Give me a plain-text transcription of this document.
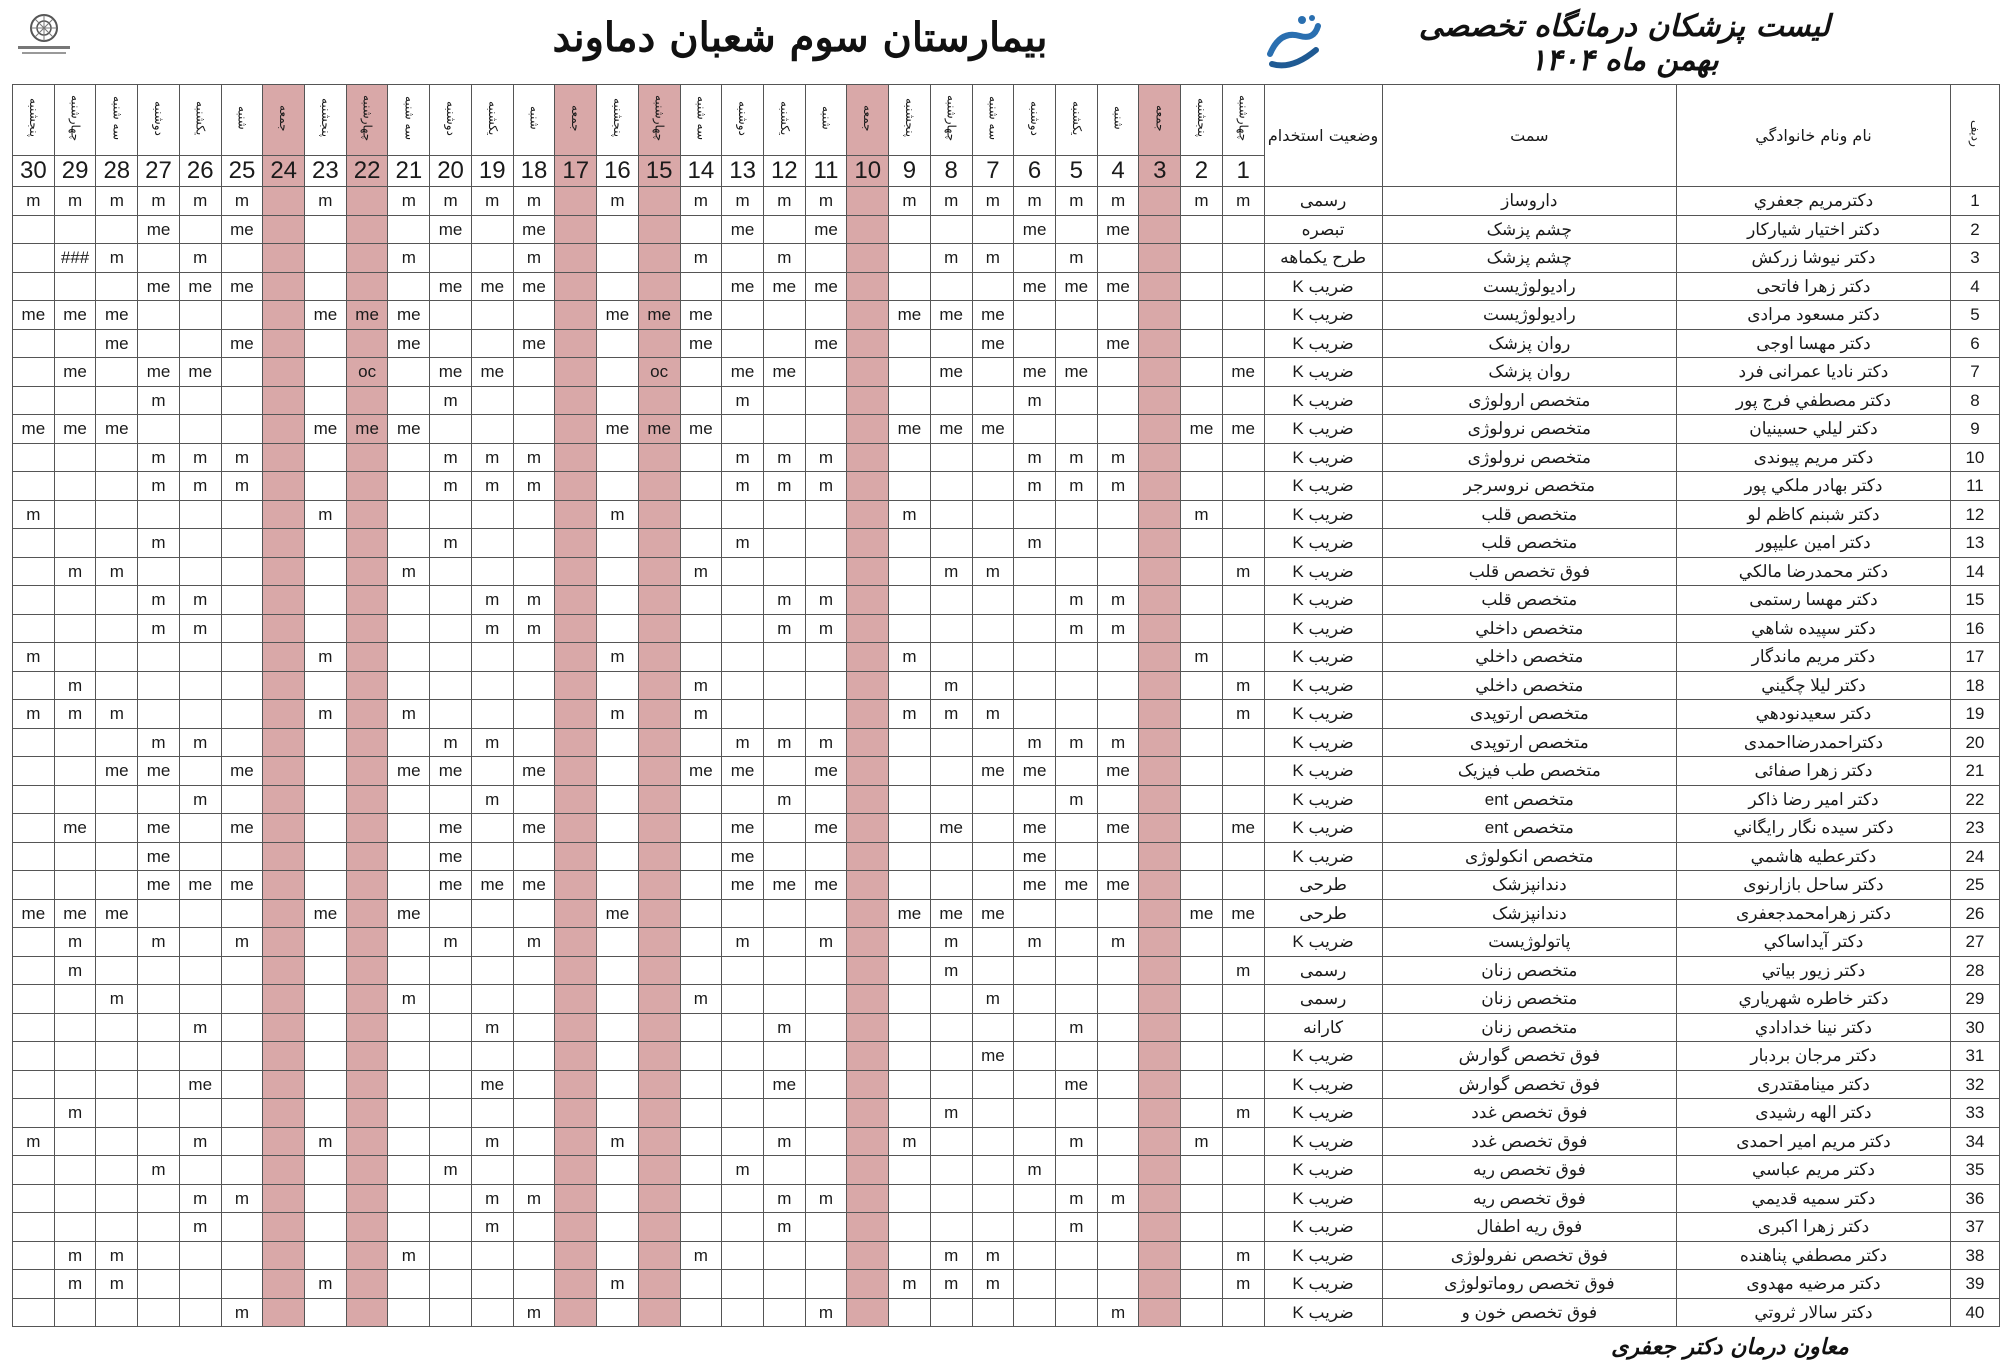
بیمارستان سوم شعبان دماوند	لیست پزشکان درمانگاه تخصصی
بهمن ماه ۱۴۰۴
پنجشنبه	چهارشنبه	سه شنبه	دوشنبه	یکشنبه	شنبه	جمعه	پنجشنبه	چهارشنبه	سه شنبه	دوشنبه	یکشنبه	شنبه	جمعه	پنجشنبه	چهارشنبه	سه شنبه	دوشنبه	یکشنبه	شنبه	جمعه	پنجشنبه	چهارشنبه	سه شنبه	دوشنبه	یکشنبه	شنبه	جمعه	پنجشنبه	چهارشنبه	وضعيت استخدام	سمت	نام ونام خانوادگي	ردیف
30	29	28	27	26	25	24	23	22	21	20	19	18	17	16	15	14	13	12	11	10	9	8	7	6	5	4	3	2	1				
m	m	m	m	m	m		m		m	m	m	m		m		m	m	m	m		m	m	m	m	m	m		m	m	رسمی	داروساز	دکترمريم جعفري	1
			me		me					me		me					me		me					me		me				تبصره	چشم پزشک	دکتر اختیار شیارکار	2
	###	m		m					m			m				m		m				m	m		m					طرح یکماهه	چشم پزشک	دکتر نیوشا زرکش	3
			me	me	me					me	me	me					me	me	me					me	me	me				ضریب K	رادیولوژیست	دکتر زهرا فاتحی	4
me	me	me					me	me	me					me	me	me					me	me	me							ضریب K	رادیولوژیست	دکتر مسعود مرادی	5
		me			me				me			me				me			me				me			me				ضریب K	روان پزشک	دکتر مهسا اوجی	6
	me		me	me				oc		me	me				oc		me	me				me		me	me				me	ضریب K	روان پزشک	دکتر نادیا عمرانی فرد	7
			m							m							m							m						ضریب K	متخصص ارولوژی	دکتر مصطفي فرج پور	8
me	me	me					me	me	me					me	me	me					me	me	me					me	me	ضریب K	متخصص نرولوژی	دکتر ليلي حسينيان	9
			m	m	m					m	m	m					m	m	m					m	m	m				ضریب K	متخصص نرولوژی	دکتر مريم پيوندی	10
			m	m	m					m	m	m					m	m	m					m	m	m				ضریب K	متخصص نروسرجر	دکتر بهادر ملکي پور	11
m							m							m							m							m		ضریب K	متخصص قلب	دکتر شبنم کاظم لو	12
			m							m							m							m						ضریب K	متخصص قلب	دکتر امين عليپور	13
	m	m							m							m						m	m						m	ضریب K	فوق تخصص قلب	دکتر محمدرضا مالکي	14
			m	m							m	m						m	m						m	m				ضریب K	متخصص قلب	دکتر مهسا رستمی	15
			m	m							m	m						m	m						m	m				ضریب K	متخصص داخلي	دکتر سپيده شاهي	16
m							m							m							m							m		ضریب K	متخصص داخلي	دکتر مريم ماندگار	17
	m															m						m							m	ضریب K	متخصص داخلي	دکتر ليلا چگيني	18
m	m	m					m		m					m		m					m	m	m						m	ضریب K	متخصص ارتوپدی	دکتر سعيدنودهي	19
			m	m						m	m						m	m	m					m	m	m				ضریب K	متخصص ارتوپدی	دکتراحمدرضااحمدی	20
		me	me		me				me	me		me				me	me		me				me	me		me				ضریب K	متخصص طب فيزيک	دکتر زهرا صفائی	21
				m							m							m							m					ضریب K	متخصص ent	دکتر امير رضا ذاکر	22
	me		me		me					me		me					me		me			me		me		me			me	ضریب K	متخصص ent	دکتر سیده نگار رايگاني	23
			me							me							me							me						ضریب K	متخصص انکولوژی	دکترعطيه هاشمي	24
			me	me	me					me	me	me					me	me	me					me	me	me				طرحی	دندانپزشک	دکتر ساحل بازارنوی	25
me	me	me					me		me					me							me	me	me					me	me	طرحی	دندانپزشک	دکتر زهرامحمدجعفری	26
	m		m		m					m		m					m		m			m		m		m				ضریب K	پاتولوژيست	دکتر آيداساکي	27
	m																					m							m	رسمی	متخصص زنان	دکتر زيور بياتي	28
		m							m							m							m							رسمی	متخصص زنان	دکتر خاطره شهرياري	29
				m							m							m							m					کارانه	متخصص زنان	دکتر نينا خدادادي	30
																							me							ضریب K	فوق تخصص گوارش	دکتر مرجان بردبار	31
				me							me							me							me					ضریب K	فوق تخصص گوارش	دکتر مينامقتدری	32
	m																					m							m	ضریب K	فوق تخصص غدد	دکتر الهه رشيدی	33
m				m			m				m			m				m			m				m			m		ضریب K	فوق تخصص غدد	دکتر مريم امير احمدی	34
			m							m							m							m						ضریب K	فوق تخصص ريه	دکتر مريم عباسي	35
				m	m						m	m						m	m						m	m				ضریب K	فوق تخصص ريه	دکتر سميه قديمي	36
				m							m							m							m					ضریب K	فوق ريه اطفال	دکتر زهرا اکبری	37
	m	m							m							m						m	m						m	ضریب K	فوق تخصص نفرولوژی	دکتر مصطفي پناهنده	38
	m	m					m							m							m	m	m						m	ضریب K	فوق تخصص روماتولوژی	دکتر مرضيه مهدوی	39
					m							m							m							m				ضریب K	فوق تخصص خون و	دکتر سالار ثروتي	40
معاون درمان دکتر جعفری
